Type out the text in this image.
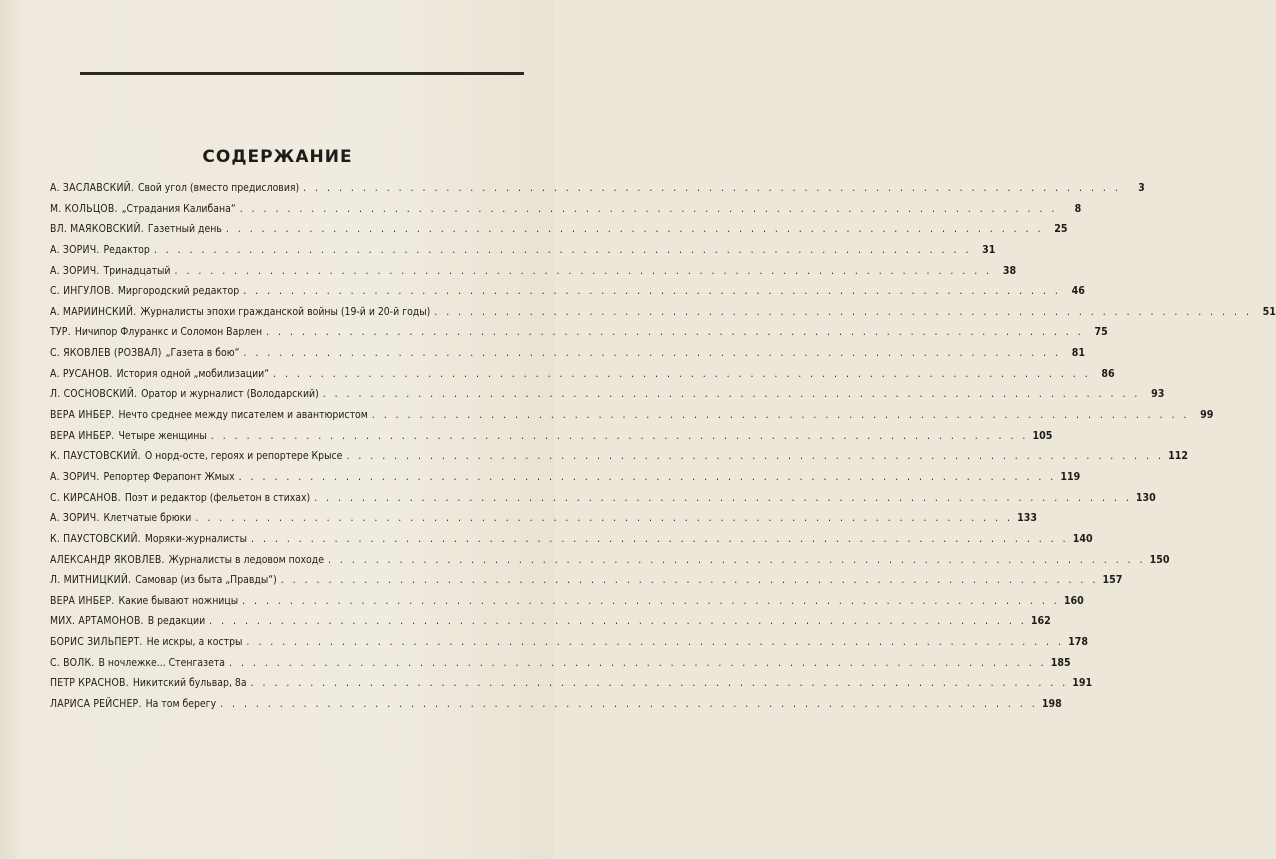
СОДЕРЖАНИЕ
А. ЗАСЛАВСКИЙ. Свой угол (вместо предисловия) . . .	3
М. КОЛЬЦОВ. „Страдания Калибана“ . . .	8
ВЛ. МАЯКОВСКИЙ. Газетный день . . .	25
А. ЗОРИЧ. Редактор . . .	31
А. ЗОРИЧ. Тринадцатый . . .	38
С. ИНГУЛОВ. Миргородский редактор . . .	46
А. МАРИИНСКИЙ. Журналисты эпохи гражданской войны (19-й и 20-й годы) . . .	51
ТУР. Ничипор Флуранкс и Соломон Варлен . . .	75
С. ЯКОВЛЕВ (РОЗВАЛ) „Газета в бою“ . . .	81
А. РУСАНОВ. История одной „мобилизации“ . . .	86
Л. СОСНОВСКИЙ. Оратор и журналист (Володарский) . . .	93
ВЕРА ИНБЕР. Нечто среднее между писателем и авантюристом . . .	99
ВЕРА ИНБЕР. Четыре женщины . . .	105
К. ПАУСТОВСКИЙ. О норд-осте, героях и репортере Крысе . . .	112
А. ЗОРИЧ. Репортер Ферапонт Жмых . . .	119
С. КИРСАНОВ. Поэт и редактор (фельетон в стихах) . . .	130
А. ЗОРИЧ. Клетчатые брюки . . .	133
К. ПАУСТОВСКИЙ. Моряки-журналисты . . .	140
АЛЕКСАНДР ЯКОВЛЕВ. Журналисты в ледовом походе . . .	150
Л. МИТНИЦКИЙ. Самовар (из быта „Правды“) . . .	157
ВЕРА ИНБЕР. Какие бывают ножницы . . .	160
МИХ. АРТАМОНОВ. В редакции . . .	162
БОРИС ЗИЛЬПЕРТ. Не искры, а костры . . .	178
С. ВОЛК. В ночлежке... Стенгазета . . .	185
ПЕТР КРАСНОВ. Никитский бульвар, 8а . . .	191
ЛАРИСА РЕЙСНЕР. На том берегу . . .	198
